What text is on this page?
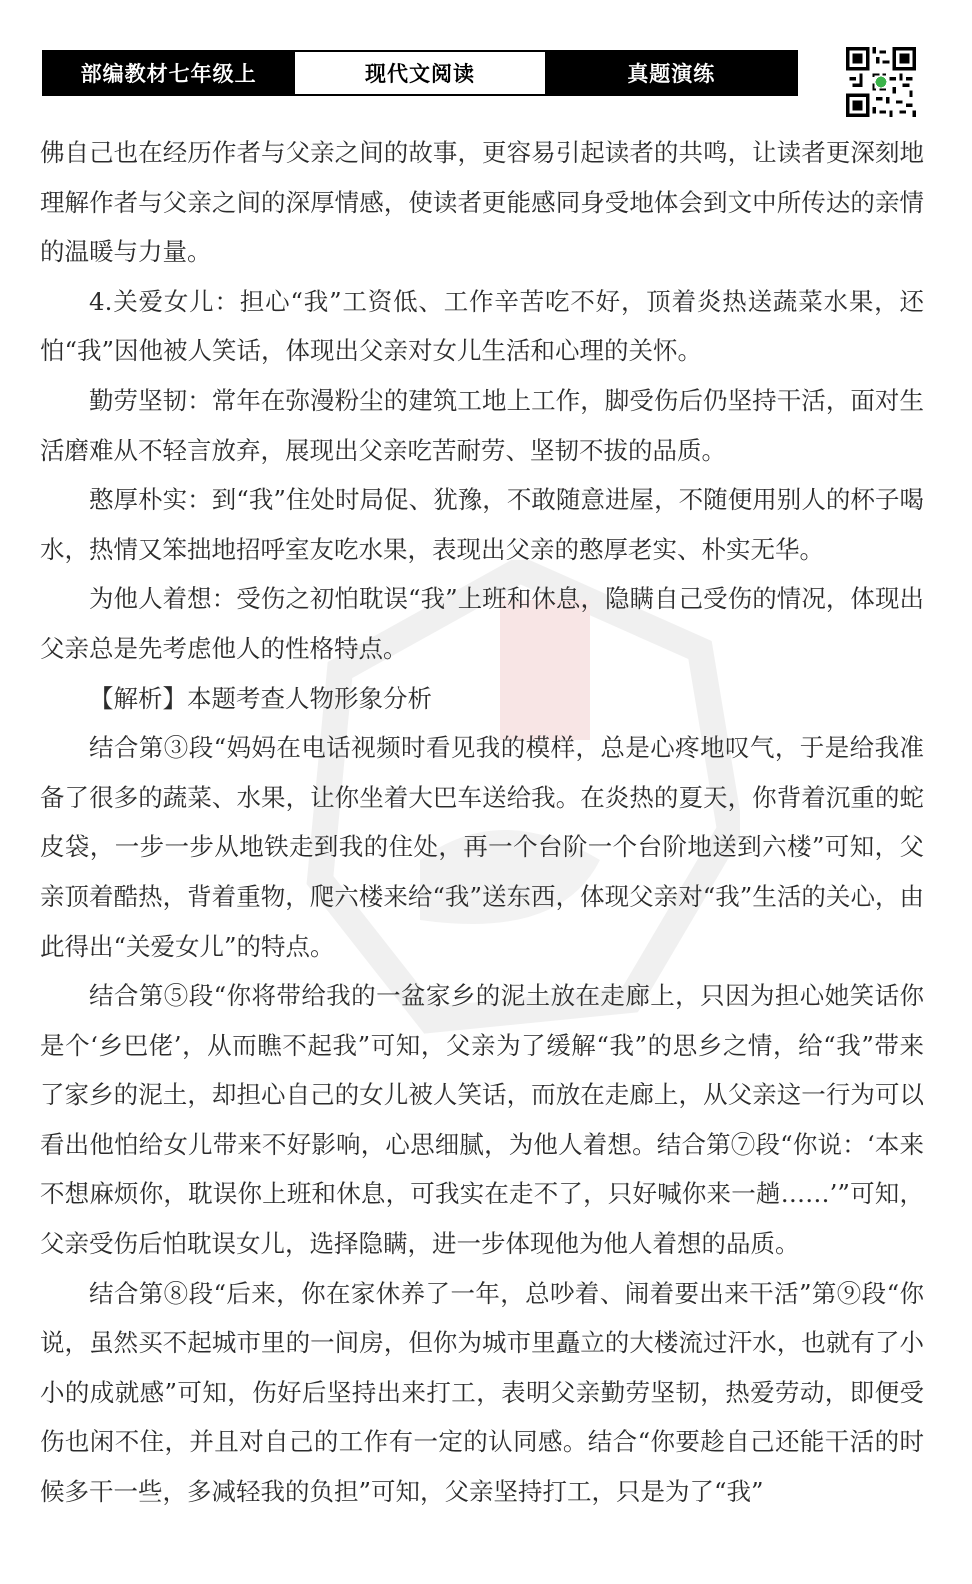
部编教材七年级上	现代文阅读	真题演练

佛自己也在经历作者与父亲之间的故事，更容易引起读者的共鸣，让读者更深刻地理解作者与父亲之间的深厚情感，使读者更能感同身受地体会到文中所传达的亲情的温暖与力量。

4.关爱女儿：担心“我”工资低、工作辛苦吃不好，顶着炎热送蔬菜水果，还怕“我”因他被人笑话，体现出父亲对女儿生活和心理的关怀。

勤劳坚韧：常年在弥漫粉尘的建筑工地上工作，脚受伤后仍坚持干活，面对生活磨难从不轻言放弃，展现出父亲吃苦耐劳、坚韧不拔的品质。

憨厚朴实：到“我”住处时局促、犹豫，不敢随意进屋，不随便用别人的杯子喝水，热情又笨拙地招呼室友吃水果，表现出父亲的憨厚老实、朴实无华。

为他人着想：受伤之初怕耽误“我”上班和休息，隐瞒自己受伤的情况，体现出父亲总是先考虑他人的性格特点。

【解析】本题考查人物形象分析

结合第③段“妈妈在电话视频时看见我的模样，总是心疼地叹气，于是给我准备了很多的蔬菜、水果，让你坐着大巴车送给我。在炎热的夏天，你背着沉重的蛇皮袋，一步一步从地铁走到我的住处，再一个台阶一个台阶地送到六楼”可知，父亲顶着酷热，背着重物，爬六楼来给“我”送东西，体现父亲对“我”生活的关心，由此得出“关爱女儿”的特点。

结合第⑤段“你将带给我的一盆家乡的泥土放在走廊上，只因为担心她笑话你是个‘乡巴佬’，从而瞧不起我”可知，父亲为了缓解“我”的思乡之情，给“我”带来了家乡的泥土，却担心自己的女儿被人笑话，而放在走廊上，从父亲这一行为可以看出他怕给女儿带来不好影响，心思细腻，为他人着想。结合第⑦段“你说：‘本来不想麻烦你，耽误你上班和休息，可我实在走不了，只好喊你来一趟……’”可知，父亲受伤后怕耽误女儿，选择隐瞒，进一步体现他为他人着想的品质。

结合第⑧段“后来，你在家休养了一年，总吵着、闹着要出来干活”第⑨段“你说，虽然买不起城市里的一间房，但你为城市里矗立的大楼流过汗水，也就有了小小的成就感”可知，伤好后坚持出来打工，表明父亲勤劳坚韧，热爱劳动，即便受伤也闲不住，并且对自己的工作有一定的认同感。结合“你要趁自己还能干活的时候多干一些，多减轻我的负担”可知，父亲坚持打工，只是为了“我”
